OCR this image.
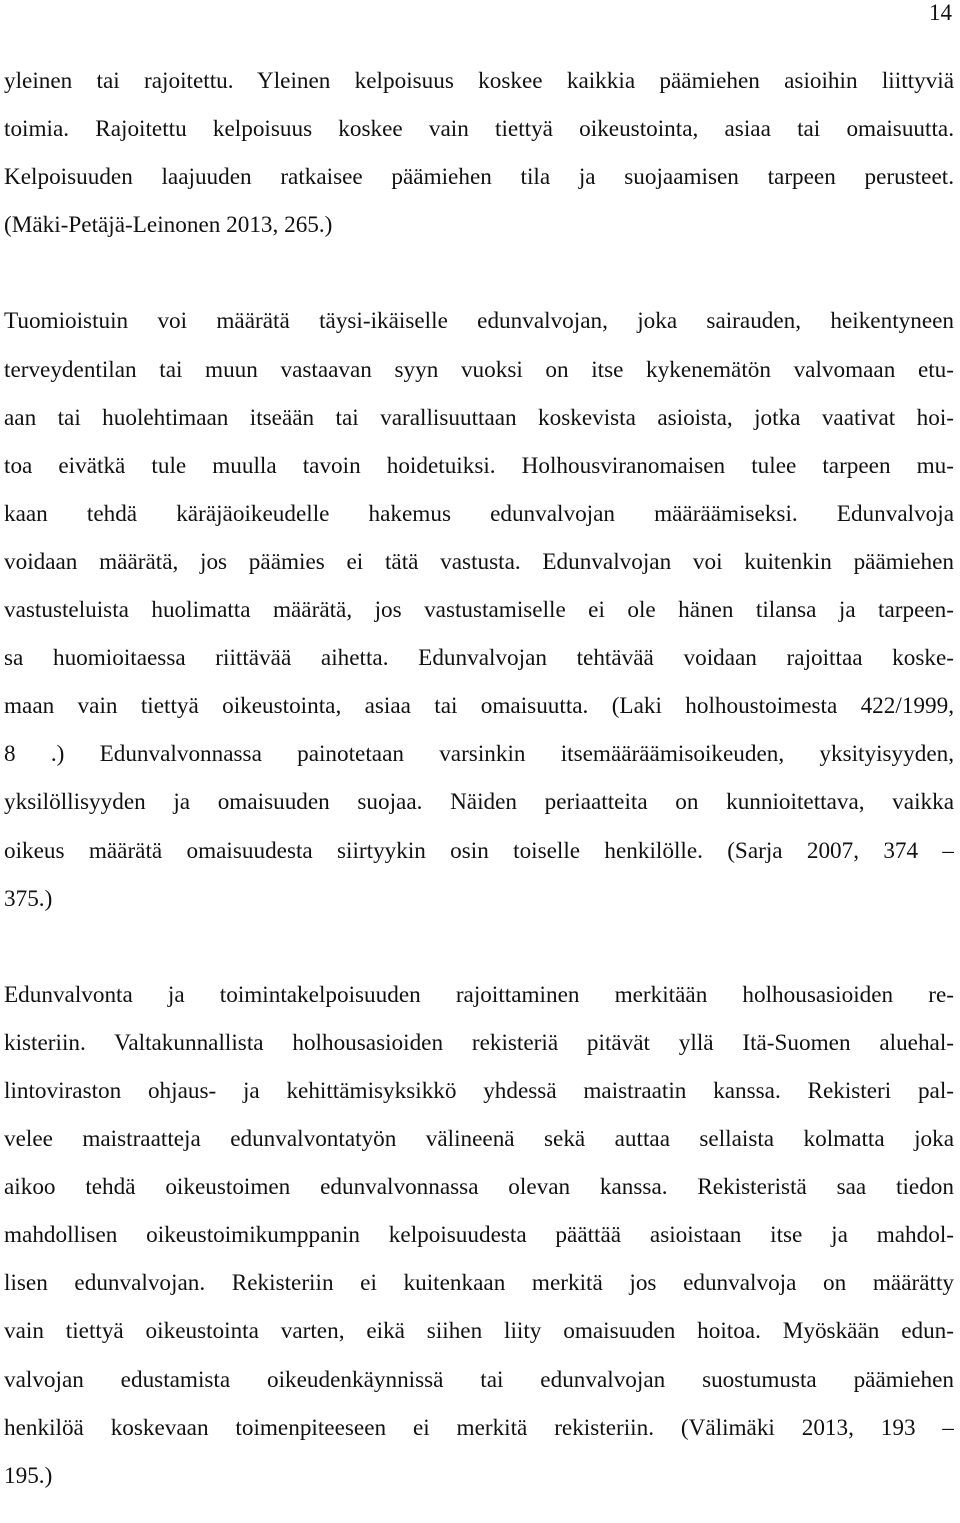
14

yleinen tai rajoitettu. Yleinen kelpoisuus koskee kaikkia päämiehen asioihin liittyviä
toimia. Rajoitettu kelpoisuus koskee vain tiettyä oikeustointa, asiaa tai omaisuutta.
Kelpoisuuden laajuuden ratkaisee päämiehen tila ja suojaamisen tarpeen perusteet.
(Mäki-Petäjä-Leinonen 2013, 265.)

Tuomioistuin voi määrätä täysi-ikäiselle edunvalvojan, joka sairauden, heikentyneen
terveydentilan tai muun vastaavan syyn vuoksi on itse kykenemätön valvomaan etu-
aan tai huolehtimaan itseään tai varallisuuttaan koskevista asioista, jotka vaativat hoi-
toa eivätkä tule muulla tavoin hoidetuiksi. Holhousviranomaisen tulee tarpeen mu-
kaan tehdä käräjäoikeudelle hakemus edunvalvojan määräämiseksi. Edunvalvoja
voidaan määrätä, jos päämies ei tätä vastusta. Edunvalvojan voi kuitenkin päämiehen
vastusteluista huolimatta määrätä, jos vastustamiselle ei ole hänen tilansa ja tarpeen-
sa huomioitaessa riittävää aihetta. Edunvalvojan tehtävää voidaan rajoittaa koske-
maan vain tiettyä oikeustointa, asiaa tai omaisuutta. (Laki holhoustoimesta 422/1999,
8 .) Edunvalvonnassa painotetaan varsinkin itsemääräämisoikeuden, yksityisyyden,
yksilöllisyyden ja omaisuuden suojaa. Näiden periaatteita on kunnioitettava, vaikka
oikeus määrätä omaisuudesta siirtyykin osin toiselle henkilölle. (Sarja 2007, 374 –
375.)

Edunvalvonta ja toimintakelpoisuuden rajoittaminen merkitään holhousasioiden re-
kisteriin. Valtakunnallista holhousasioiden rekisteriä pitävät yllä Itä-Suomen aluehal-
lintoviraston ohjaus- ja kehittämisyksikkö yhdessä maistraatin kanssa. Rekisteri pal-
velee maistraatteja edunvalvontatyön välineenä sekä auttaa sellaista kolmatta joka
aikoo tehdä oikeustoimen edunvalvonnassa olevan kanssa. Rekisteristä saa tiedon
mahdollisen oikeustoimikumppanin kelpoisuudesta päättää asioistaan itse ja mahdol-
lisen edunvalvojan. Rekisteriin ei kuitenkaan merkitä jos edunvalvoja on määrätty
vain tiettyä oikeustointa varten, eikä siihen liity omaisuuden hoitoa. Myöskään edun-
valvojan edustamista oikeudenkäynnissä tai edunvalvojan suostumusta päämiehen
henkilöä koskevaan toimenpiteeseen ei merkitä rekisteriin. (Välimäki 2013, 193 –
195.)
